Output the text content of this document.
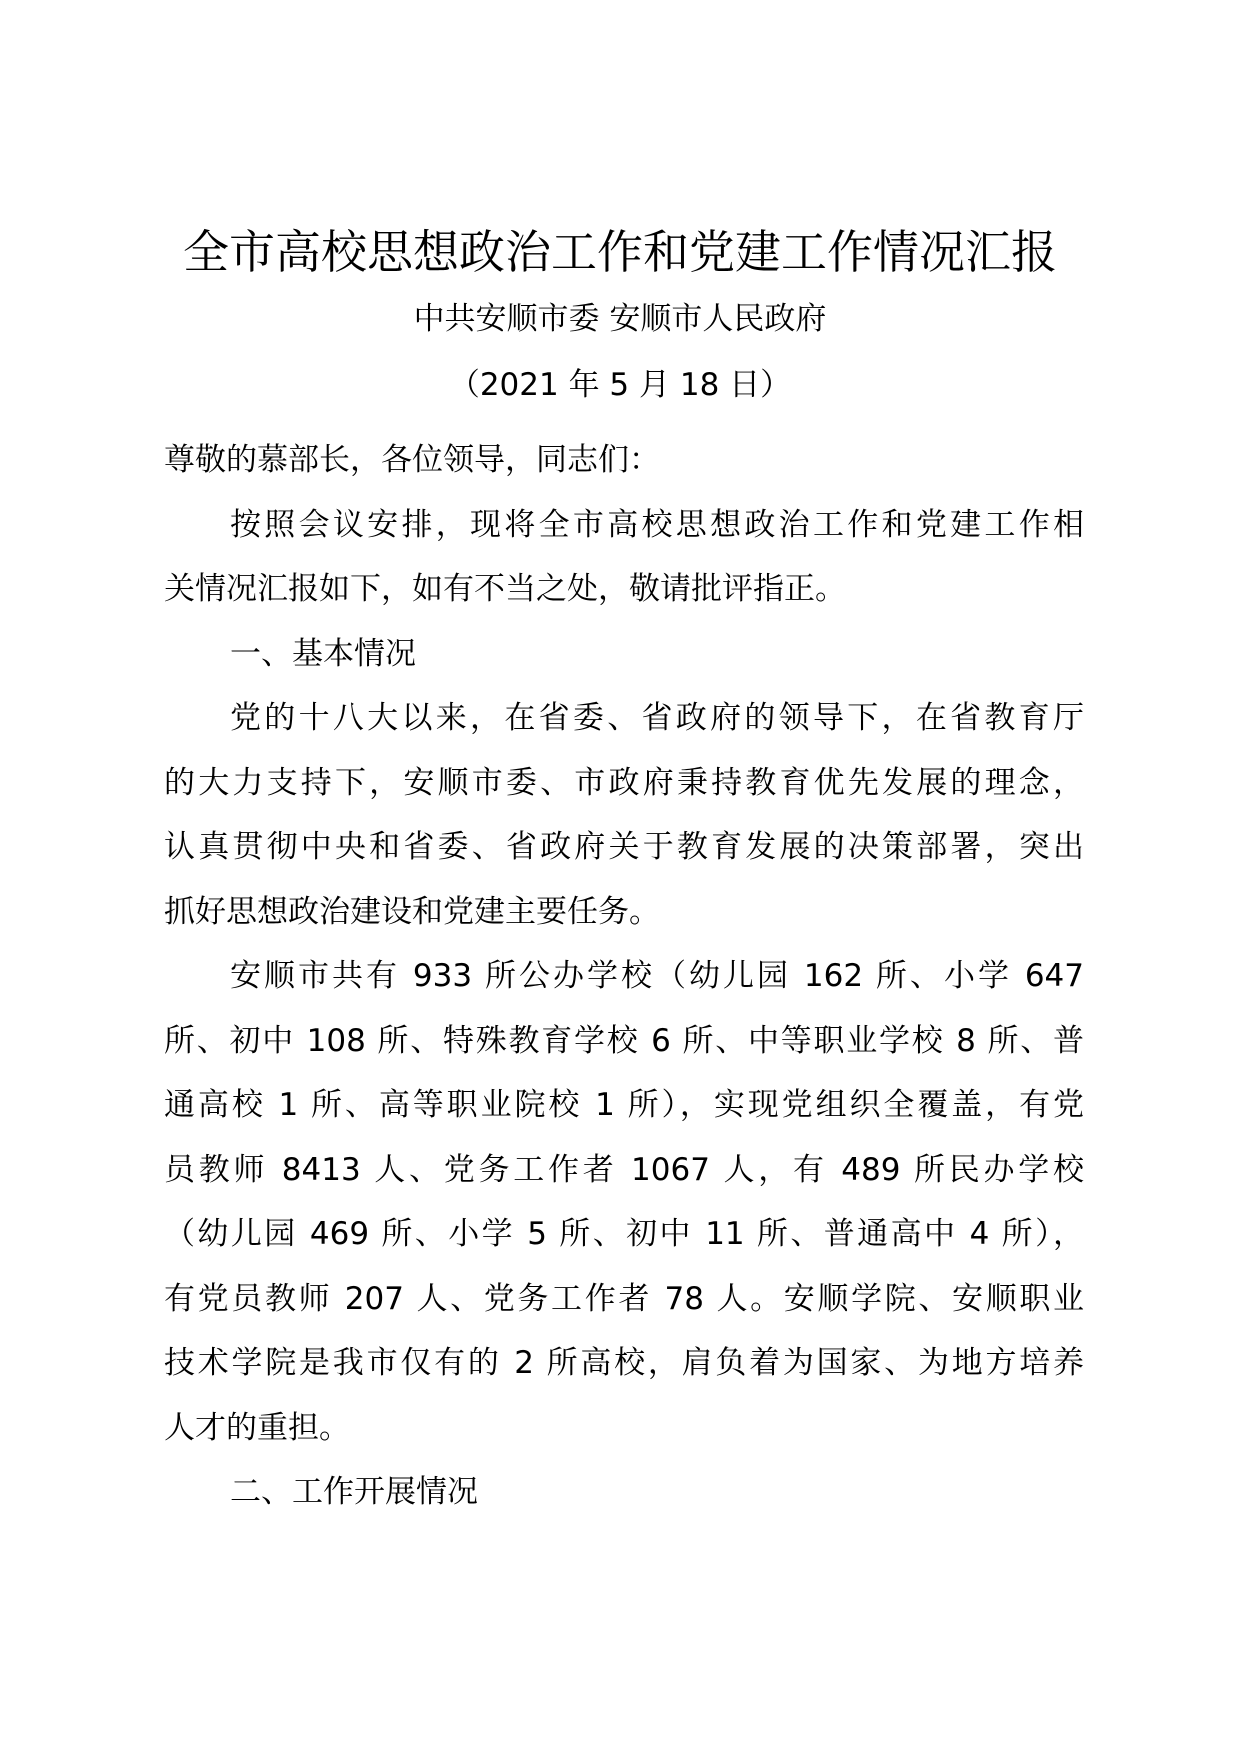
全市高校思想政治工作和党建工作情况汇报
中共安顺市委 安顺市人民政府
（2021 年 5 月 18 日）
尊敬的慕部长，各位领导，同志们：
按照会议安排，现将全市高校思想政治工作和党建工作相
关情况汇报如下，如有不当之处，敬请批评指正。
一、基本情况
党的十八大以来，在省委、省政府的领导下，在省教育厅
的大力支持下，安顺市委、市政府秉持教育优先发展的理念，
认真贯彻中央和省委、省政府关于教育发展的决策部署，突出
抓好思想政治建设和党建主要任务。
安顺市共有 933 所公办学校（幼儿园 162 所、小学 647
所、初中 108 所、特殊教育学校 6 所、中等职业学校 8 所、普
通高校 1 所、高等职业院校 1 所），实现党组织全覆盖，有党
员教师 8413 人、党务工作者 1067 人，有 489 所民办学校
（幼儿园 469 所、小学 5 所、初中 11 所、普通高中 4 所），
有党员教师 207 人、党务工作者 78 人。安顺学院、安顺职业
技术学院是我市仅有的 2 所高校，肩负着为国家、为地方培养
人才的重担。
二、工作开展情况
